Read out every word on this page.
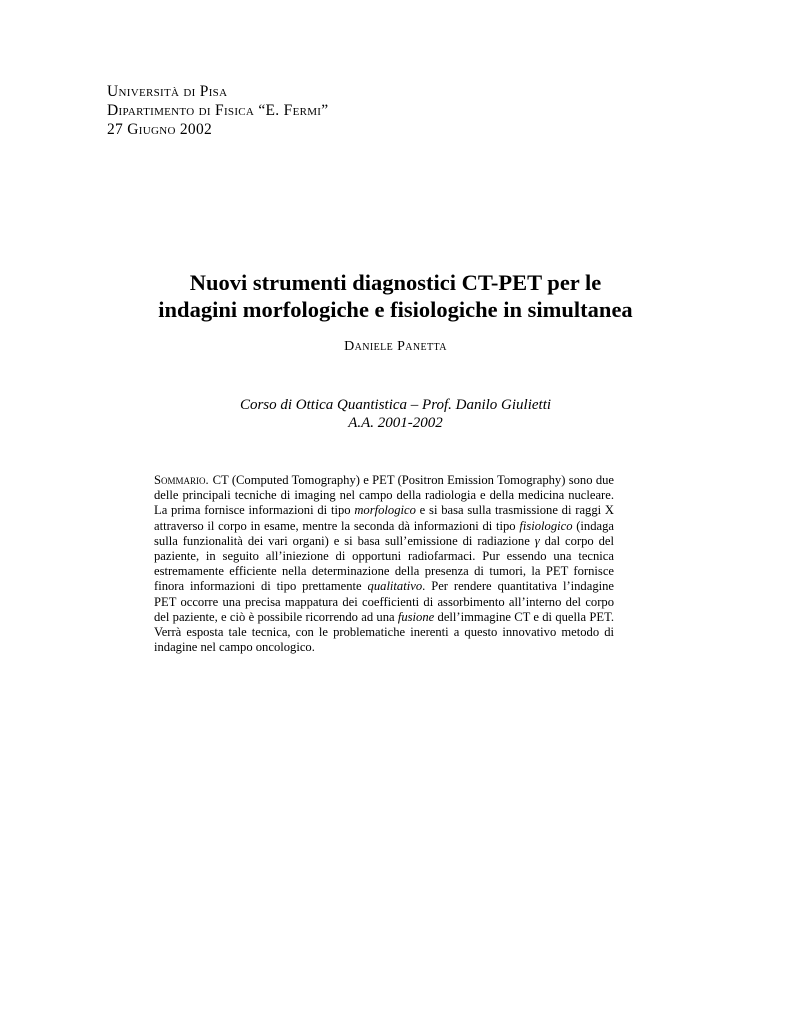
Università di Pisa
Dipartimento di Fisica “E. Fermi”
27 Giugno 2002
Nuovi strumenti diagnostici CT-PET per le
indagini morfologiche e fisiologiche in simultanea
Daniele Panetta
Corso di Ottica Quantistica – Prof. Danilo Giulietti
A.A. 2001-2002
Sommario. CT (Computed Tomography) e PET (Positron Emission Tomography) sono due delle principali tecniche di imaging nel campo della radiologia e della medicina nucleare. La prima fornisce informazioni di tipo morfologico e si basa sulla trasmissione di raggi X attraverso il corpo in esame, mentre la seconda dà informazioni di tipo fisiologico (indaga sulla funzionalità dei vari organi) e si basa sull’emissione di radiazione γ dal corpo del paziente, in seguito all’iniezione di opportuni radiofarmaci. Pur essendo una tecnica estremamente efficiente nella determinazione della presenza di tumori, la PET fornisce finora informazioni di tipo prettamente qualitativo. Per rendere quantitativa l’indagine PET occorre una precisa mappatura dei coefficienti di assorbimento all’interno del corpo del paziente, e ciò è possibile ricorrendo ad una fusione dell’immagine CT e di quella PET. Verrà esposta tale tecnica, con le problematiche inerenti a questo innovativo metodo di indagine nel campo oncologico.
